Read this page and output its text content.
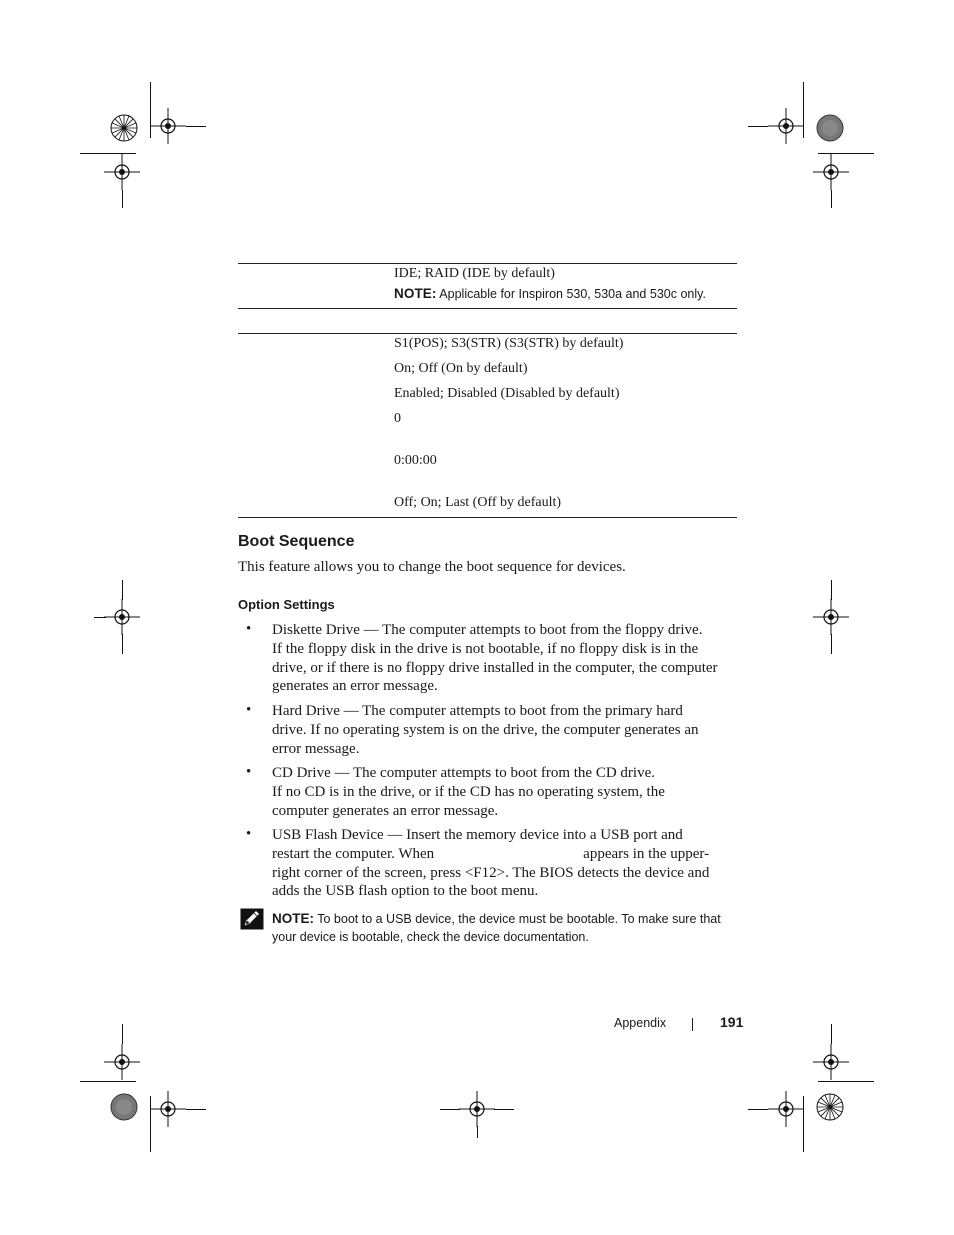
IDE; RAID (IDE by default)
NOTE: Applicable for Inspiron 530, 530a and 530c only.
S1(POS); S3(STR) (S3(STR) by default)
On; Off (On by default)
Enabled; Disabled (Disabled by default)
0
0:00:00
Off; On; Last (Off by default)
Boot Sequence
This feature allows you to change the boot sequence for devices.
Option Settings
• Diskette Drive — The computer attempts to boot from the floppy drive.
If the floppy disk in the drive is not bootable, if no floppy disk is in the
drive, or if there is no floppy drive installed in the computer, the computer
generates an error message.
• Hard Drive — The computer attempts to boot from the primary hard
drive. If no operating system is on the drive, the computer generates an
error message.
• CD Drive — The computer attempts to boot from the CD drive.
If no CD is in the drive, or if the CD has no operating system, the
computer generates an error message.
• USB Flash Device — Insert the memory device into a USB port and
restart the computer. When	appears in the upper-
right corner of the screen, press <F12>. The BIOS detects the device and
adds the USB flash option to the boot menu.
NOTE: To boot to a USB device, the device must be bootable. To make sure that
your device is bootable, check the device documentation.
Appendix	191
